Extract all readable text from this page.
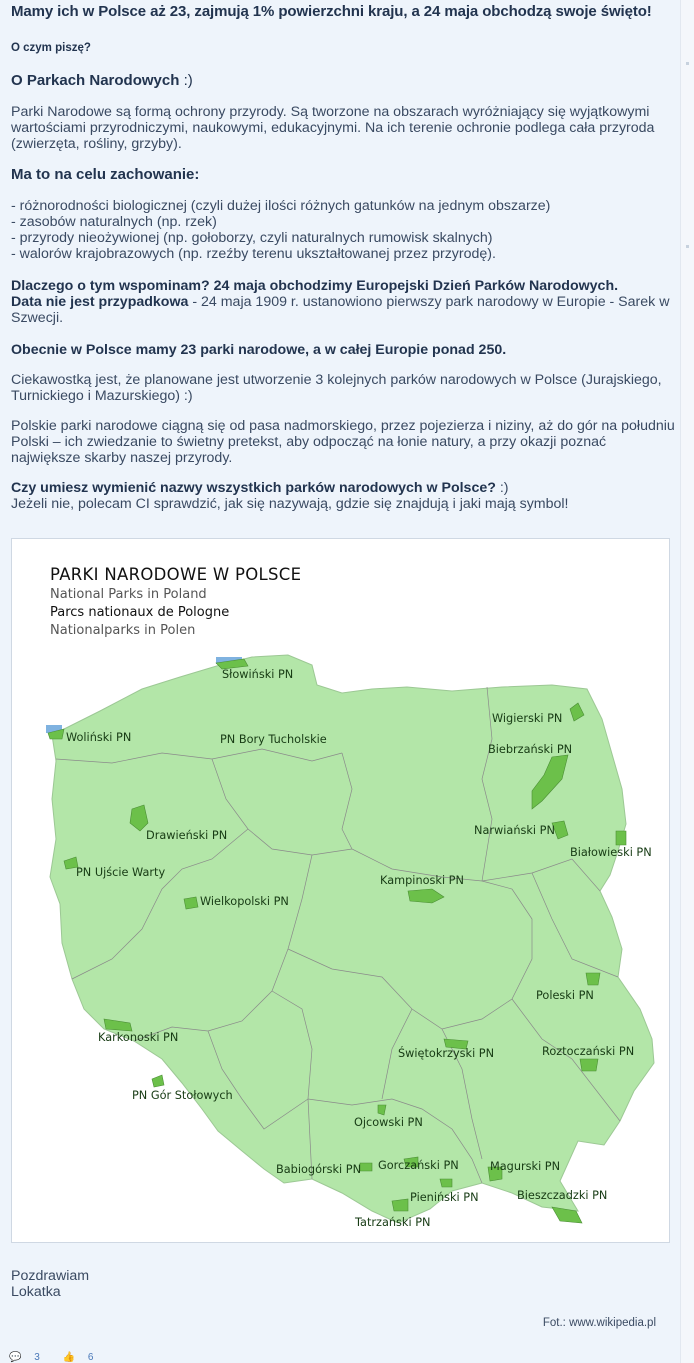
Mamy ich w Polsce aż 23, zajmują 1% powierzchni kraju, a 24 maja obchodzą swoje święto!
O czym piszę?
O Parkach Narodowych :)

Parki Narodowe są formą ochrony przyrody. Są tworzone na obszarach wyróżniający się wyjątkowymi wartościami przyrodniczymi, naukowymi, edukacyjnymi. Na ich terenie ochronie podlega cała przyroda (zwierzęta, rośliny, grzyby).

Ma to na celu zachowanie:
- różnorodności biologicznej (czyli dużej ilości różnych gatunków na jednym obszarze)
- zasobów naturalnych (np. rzek)
- przyrody nieożywionej (np. gołoborzy, czyli naturalnych rumowisk skalnych)
- walorów krajobrazowych (np. rzeźby terenu ukształtowanej przez przyrodę).

Dlaczego o tym wspominam? 24 maja obchodzimy Europejski Dzień Parków Narodowych.
Data nie jest przypadkowa - 24 maja 1909 r. ustanowiono pierwszy park narodowy w Europie - Sarek w Szwecji.

Obecnie w Polsce mamy 23 parki narodowe, a w całej Europie ponad 250.

Ciekawostką jest, że planowane jest utworzenie 3 kolejnych parków narodowych w Polsce (Jurajskiego, Turnickiego i Mazurskiego) :)

Polskie parki narodowe ciągną się od pasa nadmorskiego, przez pojezierza i niziny, aż do gór na południu Polski – ich zwiedzanie to świetny pretekst, aby odpocząć na łonie natury, a przy okazji poznać największe skarby naszej przyrody.

Czy umiesz wymienić nazwy wszystkich parków narodowych w Polsce? :)
Jeżeli nie, polecam CI sprawdzić, jak się nazywają, gdzie się znajdują i jaki mają symbol!

Słowiński PN
Woliński PN	PN Bory Tucholskie
Wigierski PN
Biebrzański PN
Drawieński PN	Narwiański PN
Białowieski PN
PN Ujście Warty
Kampinoski PN
Wielkopolski PN
Poleski PN
Karkonoski PN
Świętokrzyski PN	Roztoczański PN
PN Gór Stołowych
Ojcowski PN
Babiogórski PN Gorczański PN	Magurski PN
Pieniński PN	Bieszczadzki PN
Tatrzański PN
PARKI NARODOWE W POLSCE
National Parks in Poland
Parcs nationaux de Pologne
Nationalparks in Polen
Pozdrawiam
Lokatka
Fot.: www.wikipedia.pl
💬 3 👍 6
